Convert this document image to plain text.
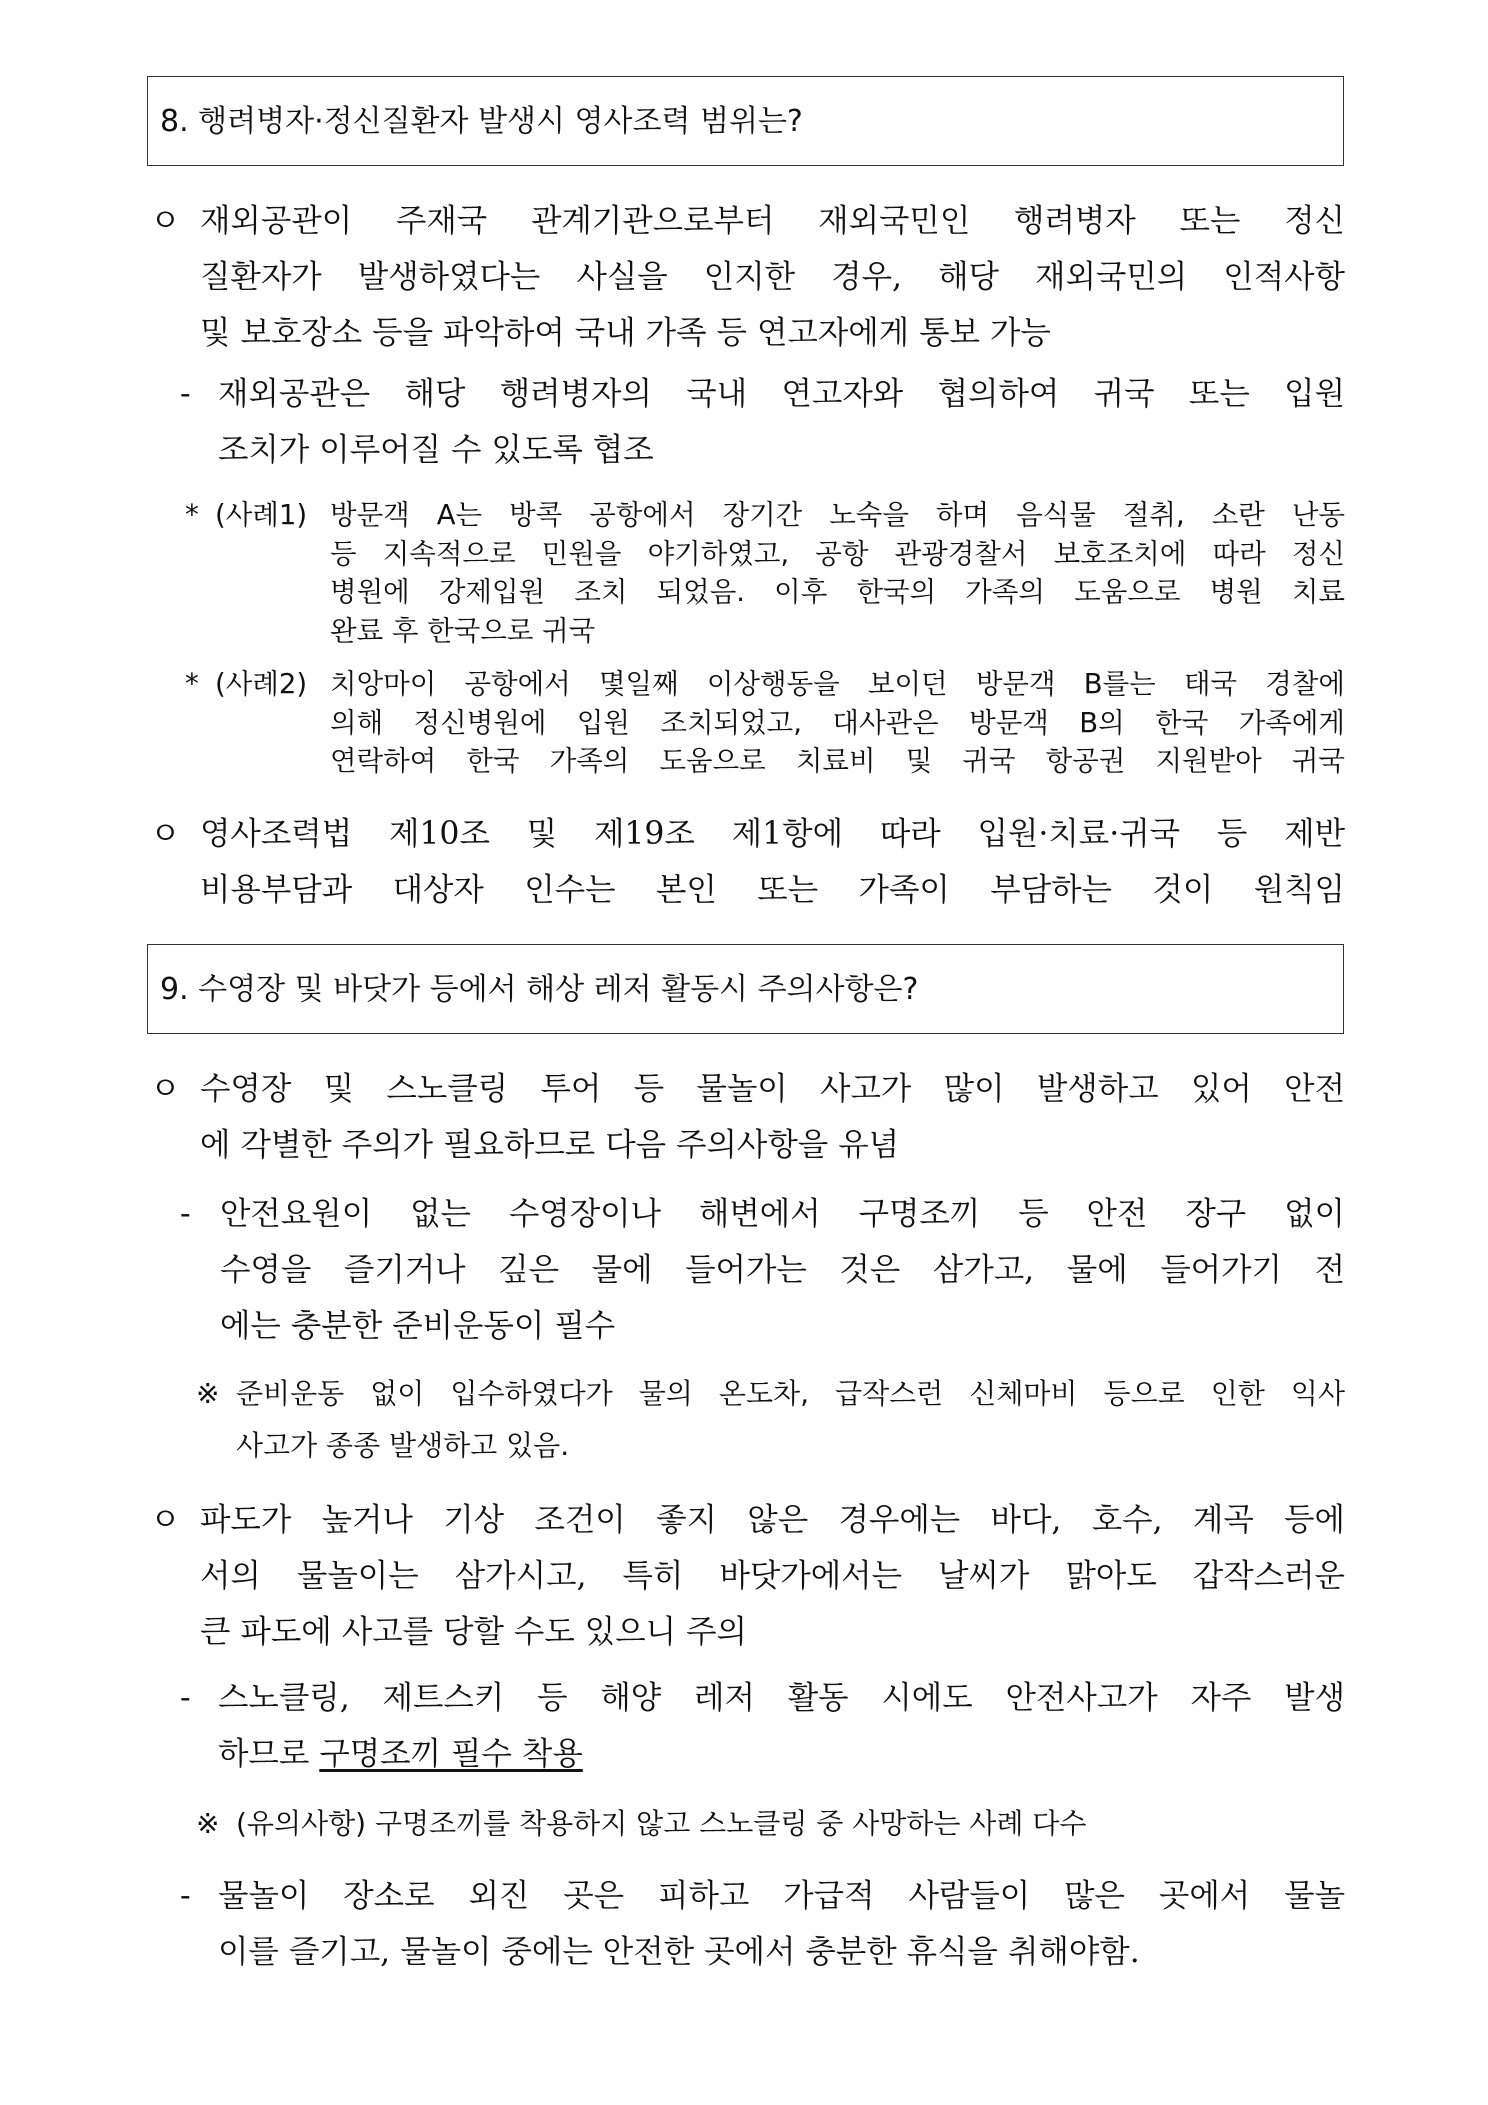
8. 행려병자·정신질환자 발생시 영사조력 범위는?
ㅇ 재외공관이 주재국 관계기관으로부터 재외국민인 행려병자 또는 정신

질환자가 발생하였다는 사실을 인지한 경우, 해당 재외국민의 인적사항

및 보호장소 등을 파악하여 국내 가족 등 연고자에게 통보 가능

- 재외공관은 해당 행려병자의 국내 연고자와 협의하여 귀국 또는 입원

조치가 이루어질 수 있도록 협조

* (사례1) 방문객 A는 방콕 공항에서 장기간 노숙을 하며 음식물 절취, 소란 난동

등 지속적으로 민원을 야기하였고, 공항 관광경찰서 보호조치에 따라 정신

병원에 강제입원 조치 되었음. 이후 한국의 가족의 도움으로 병원 치료

완료 후 한국으로 귀국

* (사례2) 치앙마이 공항에서 몇일째 이상행동을 보이던 방문객 B를는 태국 경찰에

의해 정신병원에 입원 조치되었고, 대사관은 방문객 B의 한국 가족에게

연락하여 한국 가족의 도움으로 치료비 및 귀국 항공권 지원받아 귀국

ㅇ 영사조력법 제10조 및 제19조 제1항에 따라 입원·치료·귀국 등 제반

비용부담과 대상자 인수는 본인 또는 가족이 부담하는 것이 원칙임

9. 수영장 및 바닷가 등에서 해상 레저 활동시 주의사항은?
ㅇ 수영장 및 스노클링 투어 등 물놀이 사고가 많이 발생하고 있어 안전

에 각별한 주의가 필요하므로 다음 주의사항을 유념

- 안전요원이 없는 수영장이나 해변에서 구명조끼 등 안전 장구 없이

수영을 즐기거나 깊은 물에 들어가는 것은 삼가고, 물에 들어가기 전

에는 충분한 준비운동이 필수

※ 준비운동 없이 입수하였다가 물의 온도차, 급작스런 신체마비 등으로 인한 익사

사고가 종종 발생하고 있음.

ㅇ 파도가 높거나 기상 조건이 좋지 않은 경우에는 바다, 호수, 계곡 등에

서의 물놀이는 삼가시고, 특히 바닷가에서는 날씨가 맑아도 갑작스러운

큰 파도에 사고를 당할 수도 있으니 주의

- 스노클링, 제트스키 등 해양 레저 활동 시에도 안전사고가 자주 발생

하므로 구명조끼 필수 착용

※ (유의사항) 구명조끼를 착용하지 않고 스노클링 중 사망하는 사례 다수

- 물놀이 장소로 외진 곳은 피하고 가급적 사람들이 많은 곳에서 물놀

이를 즐기고, 물놀이 중에는 안전한 곳에서 충분한 휴식을 취해야함.
